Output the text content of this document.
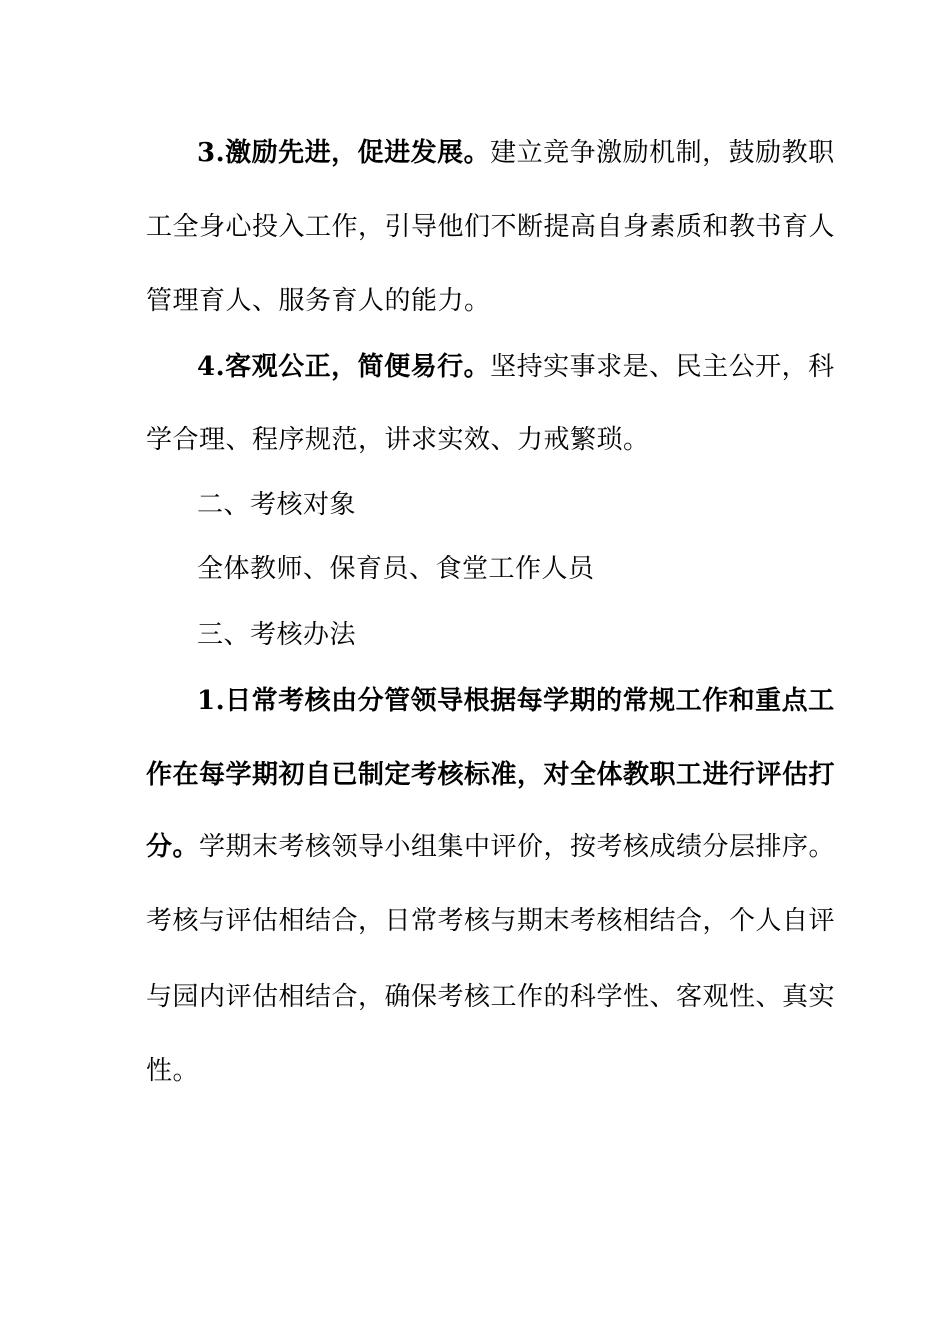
3.激励先进，促进发展。建立竞争激励机制，鼓励教职
工全身心投入工作，引导他们不断提高自身素质和教书育人
管理育人、服务育人的能力。
4.客观公正，简便易行。坚持实事求是、民主公开，科
学合理、程序规范，讲求实效、力戒繁琐。
二、考核对象
全体教师、保育员、食堂工作人员
三、考核办法
1.日常考核由分管领导根据每学期的常规工作和重点工
作在每学期初自已制定考核标准，对全体教职工进行评估打
分。学期末考核领导小组集中评价，按考核成绩分层排序。
考核与评估相结合，日常考核与期末考核相结合，个人自评
与园内评估相结合，确保考核工作的科学性、客观性、真实
性。
